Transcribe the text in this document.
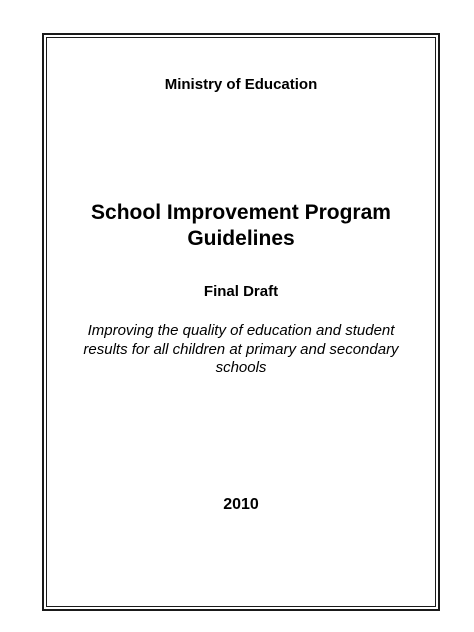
Ministry of Education

School Improvement Program
Guidelines

Final Draft

Improving the quality of education and student
results for all children at primary and secondary
schools

2010
